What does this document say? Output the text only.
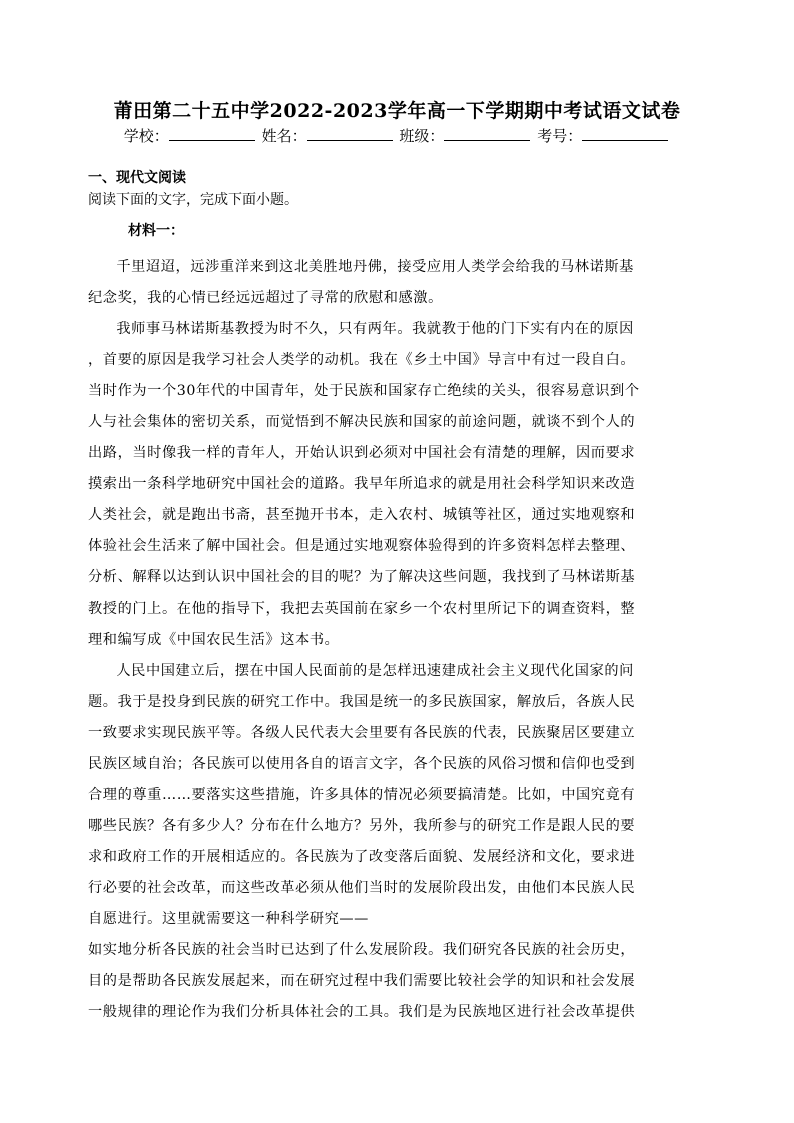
莆田第二十五中学2022-2023学年高一下学期期中考试语文试卷
学校：	姓名：	班级：	考号：
一、现代文阅读
阅读下面的文字，完成下面小题。
材料一：
千里迢迢，远涉重洋来到这北美胜地丹佛，接受应用人类学会给我的马林诺斯基
纪念奖，我的心情已经远远超过了寻常的欣慰和感激。
我师事马林诺斯基教授为时不久，只有两年。我就教于他的门下实有内在的原因
，首要的原因是我学习社会人类学的动机。我在《乡土中国》导言中有过一段自白。
当时作为一个30年代的中国青年，处于民族和国家存亡绝续的关头，很容易意识到个
人与社会集体的密切关系，而觉悟到不解决民族和国家的前途问题，就谈不到个人的
出路，当时像我一样的青年人，开始认识到必须对中国社会有清楚的理解，因而要求
摸索出一条科学地研究中国社会的道路。我早年所追求的就是用社会科学知识来改造
人类社会，就是跑出书斋，甚至抛开书本，走入农村、城镇等社区，通过实地观察和
体验社会生活来了解中国社会。但是通过实地观察体验得到的许多资料怎样去整理、
分析、解释以达到认识中国社会的目的呢？为了解决这些问题，我找到了马林诺斯基
教授的门上。在他的指导下，我把去英国前在家乡一个农村里所记下的调查资料，整
理和编写成《中国农民生活》这本书。
人民中国建立后，摆在中国人民面前的是怎样迅速建成社会主义现代化国家的问
题。我于是投身到民族的研究工作中。我国是统一的多民族国家，解放后，各族人民
一致要求实现民族平等。各级人民代表大会里要有各民族的代表，民族聚居区要建立
民族区域自治；各民族可以使用各自的语言文字，各个民族的风俗习惯和信仰也受到
合理的尊重……要落实这些措施，许多具体的情况必须要搞清楚。比如，中国究竟有
哪些民族？各有多少人？分布在什么地方？另外，我所参与的研究工作是跟人民的要
求和政府工作的开展相适应的。各民族为了改变落后面貌、发展经济和文化，要求进
行必要的社会改革，而这些改革必须从他们当时的发展阶段出发，由他们本民族人民
自愿进行。这里就需要这一种科学研究——
如实地分析各民族的社会当时已达到了什么发展阶段。我们研究各民族的社会历史，
目的是帮助各民族发展起来，而在研究过程中我们需要比较社会学的知识和社会发展
一般规律的理论作为我们分析具体社会的工具。我们是为民族地区进行社会改革提供
